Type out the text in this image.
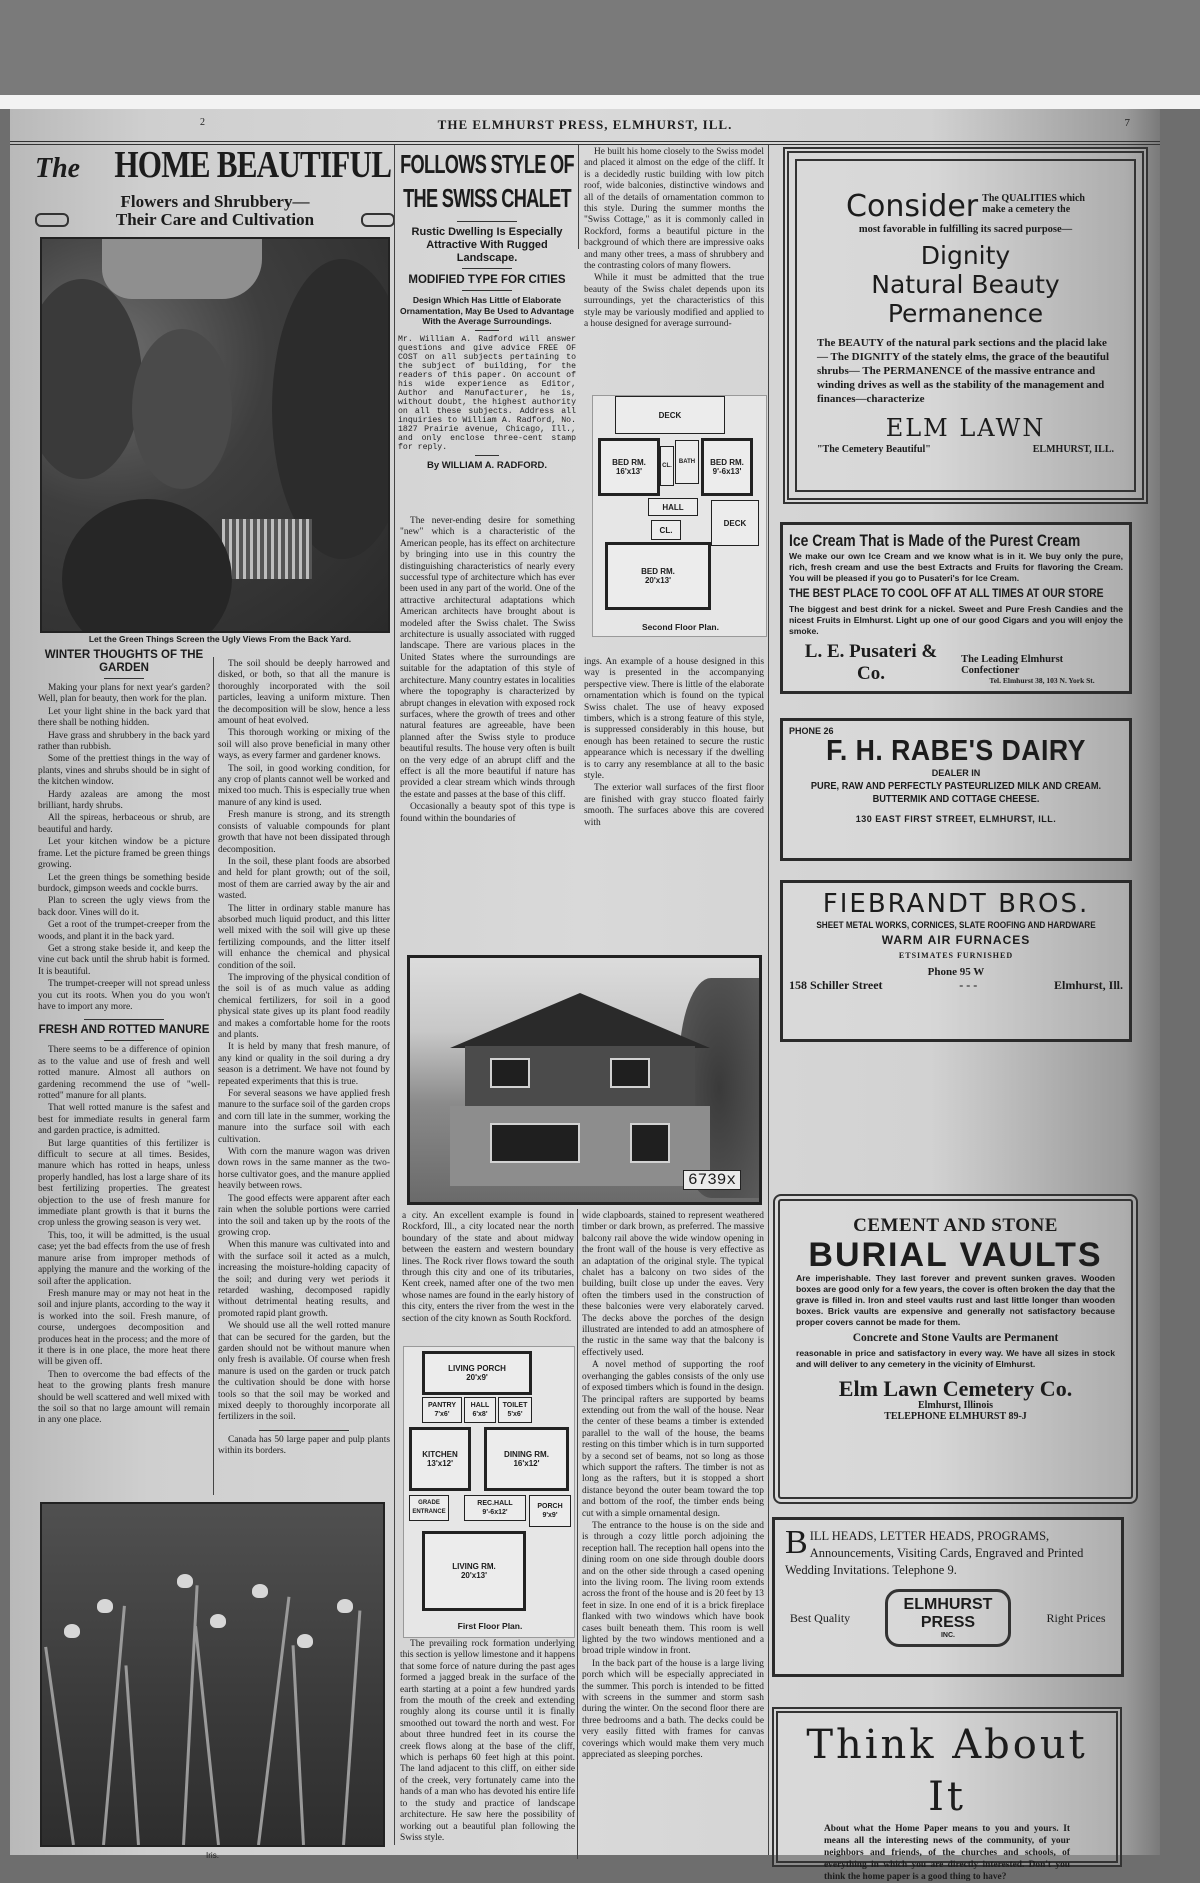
2	THE ELMHURST PRESS, ELMHURST, ILL.	7
The HOME BEAUTIFUL
Flowers and Shrubbery—
Their Care and Cultivation
Let the Green Things Screen the Ugly Views From the Back Yard.
WINTER THOUGHTS OF THE GARDEN

Making your plans for next year's garden? Well, plan for beauty, then work for the plan.

Let your light shine in the back yard that there shall be nothing hidden.

Have grass and shrubbery in the back yard rather than rubbish.

Some of the prettiest things in the way of plants, vines and shrubs should be in sight of the kitchen window.

Hardy azaleas are among the most brilliant, hardy shrubs.

All the spireas, herbaceous or shrub, are beautiful and hardy.

Let your kitchen window be a picture frame. Let the picture framed be green things growing.

Let the green things be something beside burdock, gimpson weeds and cockle burrs.

Plan to screen the ugly views from the back door. Vines will do it.

Get a root of the trumpet-creeper from the woods, and plant it in the back yard.

Get a strong stake beside it, and keep the vine cut back until the shrub habit is formed. It is beautiful.

The trumpet-creeper will not spread unless you cut its roots. When you do you won't have to import any more.

FRESH AND ROTTED MANURE

There seems to be a difference of opinion as to the value and use of fresh and well rotted manure. Almost all authors on gardening recommend the use of "well-rotted" manure for all plants.

That well rotted manure is the safest and best for immediate results in general farm and garden practice, is admitted.

But large quantities of this fertilizer is difficult to secure at all times. Besides, manure which has rotted in heaps, unless properly handled, has lost a large share of its best fertilizing properties. The greatest objection to the use of fresh manure for immediate plant growth is that it burns the crop unless the growing season is very wet.

This, too, it will be admitted, is the usual case; yet the bad effects from the use of fresh manure arise from improper methods of applying the manure and the working of the soil after the application.

Fresh manure may or may not heat in the soil and injure plants, according to the way it is worked into the soil. Fresh manure, of course, undergoes decomposition and produces heat in the process; and the more of it there is in one place, the more heat there will be given off.

Then to overcome the bad effects of the heat to the growing plants fresh manure should be well scattered and well mixed with the soil so that no large amount will remain in any one place.

The soil should be deeply harrowed and disked, or both, so that all the manure is thoroughly incorporated with the soil particles, leaving a uniform mixture. Then the decomposition will be slow, hence a less amount of heat evolved.

This thorough working or mixing of the soil will also prove beneficial in many other ways, as every farmer and gardener knows.

The soil, in good working condition, for any crop of plants cannot well be worked and mixed too much. This is especially true when manure of any kind is used.

Fresh manure is strong, and its strength consists of valuable compounds for plant growth that have not been dissipated through decomposition.

In the soil, these plant foods are absorbed and held for plant growth; out of the soil, most of them are carried away by the air and wasted.

The litter in ordinary stable manure has absorbed much liquid product, and this litter well mixed with the soil will give up these fertilizing compounds, and the litter itself will enhance the chemical and physical condition of the soil.

The improving of the physical condition of the soil is of as much value as adding chemical fertilizers, for soil in a good physical state gives up its plant food readily and makes a comfortable home for the roots and plants.

It is held by many that fresh manure, of any kind or quality in the soil during a dry season is a detriment. We have not found by repeated experiments that this is true.

For several seasons we have applied fresh manure to the surface soil of the garden crops and corn till late in the summer, working the manure into the surface soil with each cultivation.

With corn the manure wagon was driven down rows in the same manner as the two-horse cultivator goes, and the manure applied heavily between rows.

The good effects were apparent after each rain when the soluble portions were carried into the soil and taken up by the roots of the growing crop.

When this manure was cultivated into and with the surface soil it acted as a mulch, increasing the moisture-holding capacity of the soil; and during very wet periods it retarded washing, decomposed rapidly without detrimental heating results, and promoted rapid plant growth.

We should use all the well rotted manure that can be secured for the garden, but the garden should not be without manure when only fresh is available. Of course when fresh manure is used on the garden or truck patch the cultivation should be done with horse tools so that the soil may be worked and mixed deeply to thoroughly incorporate all fertilizers in the soil.

Canada has 50 large paper and pulp plants within its borders.

Iris.
FOLLOWS STYLE OF THE SWISS CHALET
Rustic Dwelling Is Especially Attractive With Rugged Landscape.
MODIFIED TYPE FOR CITIES
Design Which Has Little of Elaborate Ornamentation, May Be Used to Advantage With the Average Surroundings.
Mr. William A. Radford will answer questions and give advice FREE OF COST on all subjects pertaining to the subject of building, for the readers of this paper. On account of his wide experience as Editor, Author and Manufacturer, he is, without doubt, the highest authority on all these subjects. Address all inquiries to William A. Radford, No. 1827 Prairie avenue, Chicago, Ill., and only enclose three-cent stamp for reply.
By WILLIAM A. RADFORD.

The never-ending desire for something "new" which is a characteristic of the American people, has its effect on architecture by bringing into use in this country the distinguishing characteristics of nearly every successful type of architecture which has ever been used in any part of the world. One of the attractive architectural adaptations which American architects have brought about is modeled after the Swiss chalet. The Swiss architecture is usually associated with rugged landscape. There are various places in the United States where the surroundings are suitable for the adaptation of this style of architecture. Many country estates in localities where the topography is characterized by abrupt changes in elevation with exposed rock surfaces, where the growth of trees and other natural features are agreeable, have been planned after the Swiss style to produce beautiful results. The house very often is built on the very edge of an abrupt cliff and the effect is all the more beautiful if nature has provided a clear stream which winds through the estate and passes at the base of this cliff.

Occasionally a beauty spot of this type is found within the boundaries of

He built his home closely to the Swiss model and placed it almost on the edge of the cliff. It is a decidedly rustic building with low pitch roof, wide balconies, distinctive windows and all of the details of ornamentation common to this style. During the summer months the "Swiss Cottage," as it is commonly called in Rockford, forms a beautiful picture in the background of which there are impressive oaks and many other trees, a mass of shrubbery and the contrasting colors of many flowers.

While it must be admitted that the true beauty of the Swiss chalet depends upon its surroundings, yet the characteristics of this style may be variously modified and applied to a house designed for average surround-

DECK
BED RM.
16'x13'
CL.
BATH BED RM.
9'-6x13'
HALL
CL.
DECK
BED RM.
20'x13'
Second Floor Plan.

ings. An example of a house designed in this way is presented in the accompanying perspective view. There is little of the elaborate ornamentation which is found on the typical Swiss chalet. The use of heavy exposed timbers, which is a strong feature of this style, is suppressed considerably in this house, but enough has been retained to secure the rustic appearance which is necessary if the dwelling is to carry any resemblance at all to the basic style.

The exterior wall surfaces of the first floor are finished with gray stucco floated fairly smooth. The surfaces above this are covered with

6739x

a city. An excellent example is found in Rockford, Ill., a city located near the north boundary of the state and about midway between the eastern and western boundary lines. The Rock river flows toward the south through this city and one of its tributaries, Kent creek, named after one of the two men whose names are found in the early history of this city, enters the river from the west in the section of the city known as South Rockford.

LIVING PORCH
20'x9'
PANTRY
7'x6'
HALL
6'x8'
TOILET
5'x6'
KITCHEN
13'x12'
DINING RM.
16'x12'
GRADE ENTRANCE
REC.HALL
9'-6x12'
PORCH
9'x9'
LIVING RM.
20'x13'
First Floor Plan.

The prevailing rock formation underlying this section is yellow limestone and it happens that some force of nature during the past ages formed a jagged break in the surface of the earth starting at a point a few hundred yards from the mouth of the creek and extending roughly along its course until it is finally smoothed out toward the north and west. For about three hundred feet in its course the creek flows along at the base of the cliff, which is perhaps 60 feet high at this point. The land adjacent to this cliff, on either side of the creek, very fortunately came into the hands of a man who has devoted his entire life to the study and practice of landscape architecture. He saw here the possibility of working out a beautiful plan following the Swiss style.

wide clapboards, stained to represent weathered timber or dark brown, as preferred. The massive balcony rail above the wide window opening in the front wall of the house is very effective as an adaptation of the original style. The typical chalet has a balcony on two sides of the building, built close up under the eaves. Very often the timbers used in the construction of these balconies were very elaborately carved. The decks above the porches of the design illustrated are intended to add an atmosphere of the rustic in the same way that the balcony is effectively used.

A novel method of supporting the roof overhanging the gables consists of the only use of exposed timbers which is found in the design. The principal rafters are supported by beams extending out from the wall of the house. Near the center of these beams a timber is extended parallel to the wall of the house, the beams resting on this timber which is in turn supported by a second set of beams, not so long as those which support the rafters. The timber is not as long as the rafters, but it is stopped a short distance beyond the outer beam toward the top and bottom of the roof, the timber ends being cut with a simple ornamental design.

The entrance to the house is on the side and is through a cozy little porch adjoining the reception hall. The reception hall opens into the dining room on one side through double doors and on the other side through a cased opening into the living room. The living room extends across the front of the house and is 20 feet by 13 feet in size. In one end of it is a brick fireplace flanked with two windows which have book cases built beneath them. This room is well lighted by the two windows mentioned and a broad triple window in front.

In the back part of the house is a large living porch which will be especially appreciated in the summer. This porch is intended to be fitted with screens in the summer and storm sash during the winter. On the second floor there are three bedrooms and a bath. The decks could be very easily fitted with frames for canvas coverings which would make them very much appreciated as sleeping porches.

Consider The QUALITIES which
make a cemetery the
most favorable in fulfilling its sacred purpose—
Dignity
Natural Beauty
Permanence
The BEAUTY of the natural park sections and the placid lake— The DIGNITY of the stately elms, the grace of the beautiful shrubs— The PERMANENCE of the massive entrance and winding drives as well as the stability of the management and finances—characterize
ELM LAWN
"The Cemetery Beautiful"	ELMHURST, ILL.
Ice Cream That is Made of the Purest Cream
We make our own Ice Cream and we know what is in it. We buy only the pure, rich, fresh cream and use the best Extracts and Fruits for flavoring the Cream. You will be pleased if you go to Pusateri's for Ice Cream.
THE BEST PLACE TO COOL OFF AT ALL TIMES AT OUR STORE
The biggest and best drink for a nickel. Sweet and Pure Fresh Candies and the nicest Fruits in Elmhurst. Light up one of our good Cigars and you will enjoy the smoke.
L. E. Pusateri & Co.
The Leading Elmhurst Confectioner
Tel. Elmhurst 38, 103 N. York St.
PHONE 26
F. H. RABE'S DAIRY
DEALER IN
PURE, RAW AND PERFECTLY PASTEURLIZED MILK AND CREAM. BUTTERMIK AND COTTAGE CHEESE.
130 EAST FIRST STREET, ELMHURST, ILL.
FIEBRANDT BROS.
SHEET METAL WORKS, CORNICES, SLATE ROOFING AND HARDWARE
WARM AIR FURNACES
ETSIMATES FURNISHED
Phone 95 W
158 Schiller Street	- - -	Elmhurst, Ill.
CEMENT AND STONE
BURIAL VAULTS
Are imperishable. They last forever and prevent sunken graves. Wooden boxes are good only for a few years, the cover is often broken the day that the grave is filled in. Iron and steel vaults rust and last little longer than wooden boxes. Brick vaults are expensive and generally not satisfactory because proper covers cannot be made for them.
Concrete and Stone Vaults are Permanent
reasonable in price and satisfactory in every way. We have all sizes in stock and will deliver to any cemetery in the vicinity of Elmhurst.
Elm Lawn Cemetery Co.
Elmhurst, Illinois
TELEPHONE ELMHURST 89-J
B ILL HEADS, LETTER HEADS, PROGRAMS, Announcements, Visiting Cards, Engraved and Printed Wedding Invitations. Telephone 9.
Best Quality
ELMHURST
PRESS
INC.
Right Prices
Think About It
About what the Home Paper means to you and yours. It means all the interesting news of the community, of your neighbors and friends, of the churches and schools, of everything in which you are directly interested. Don't you think the home paper is a good thing to have?
